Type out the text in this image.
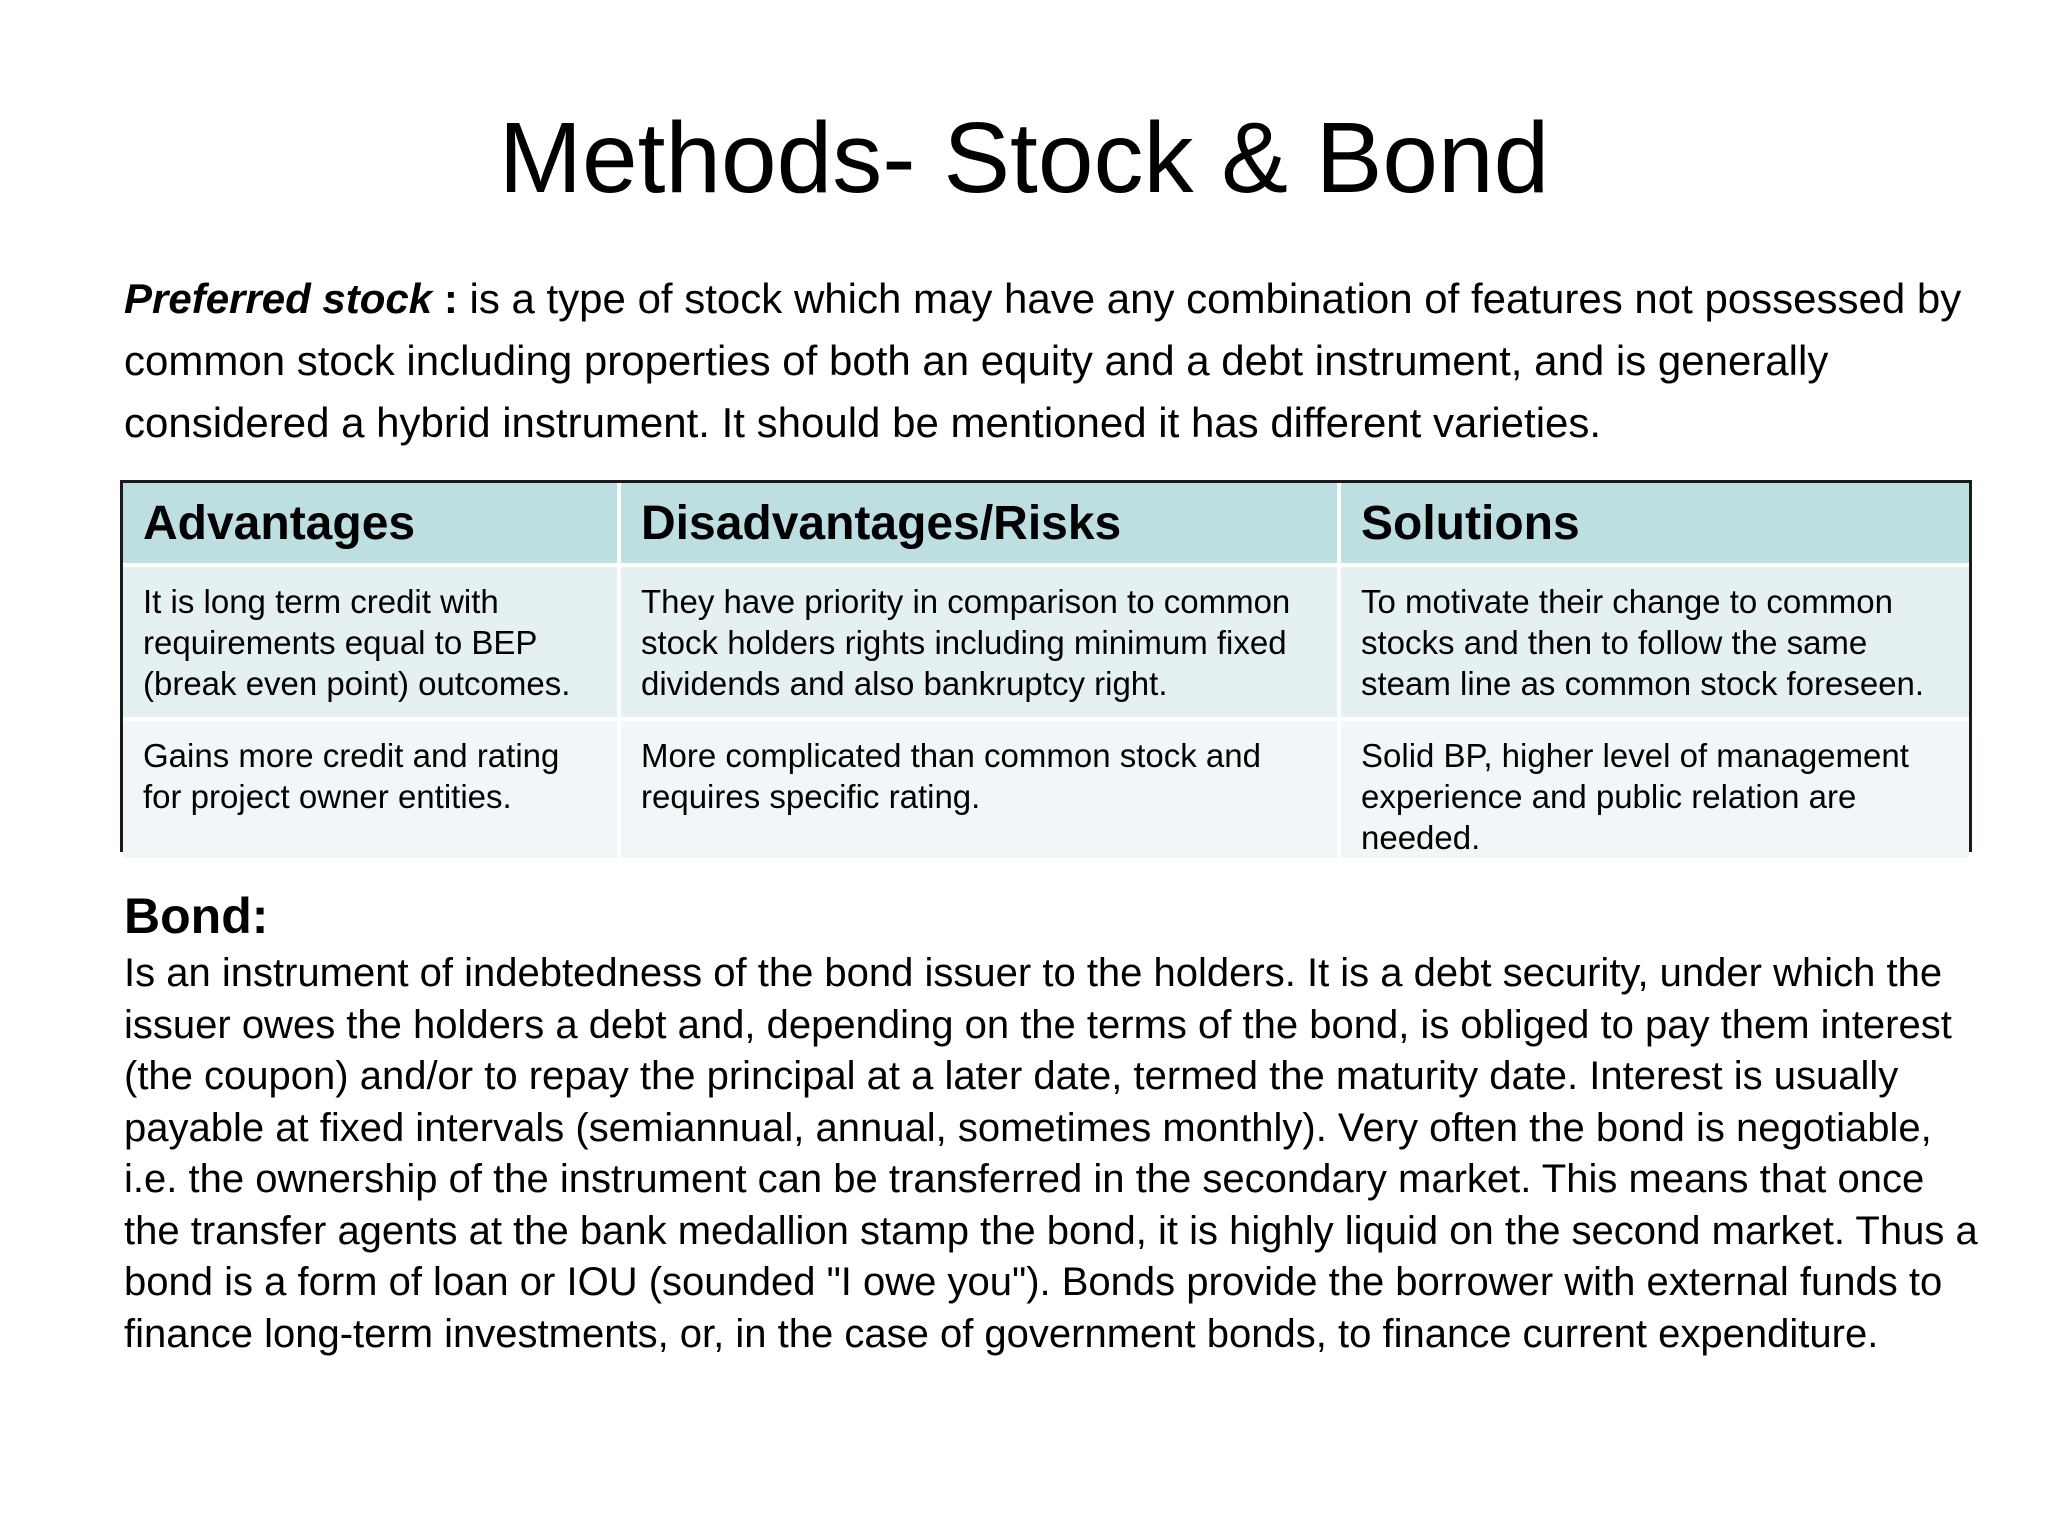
Methods- Stock & Bond

Preferred stock : is a type of stock which may have any combination of features not possessed by common stock including properties of both an equity and a debt instrument, and is generally considered a hybrid instrument. It should be mentioned it has different varieties.

Advantages	Disadvantages/Risks	Solutions
It is long term credit with requirements equal to BEP (break even point) outcomes.	They have priority in comparison to common stock holders rights including minimum fixed dividends and also bankruptcy right.	To motivate their change to common stocks and then to follow the same steam line as common stock foreseen.
Gains more credit and rating for project owner entities.	More complicated than common stock and requires specific rating.	Solid BP, higher level of management experience and public relation are needed.
Bond:

Is an instrument of indebtedness of the bond issuer to the holders. It is a debt security, under which the issuer owes the holders a debt and, depending on the terms of the bond, is obliged to pay them interest (the coupon) and/or to repay the principal at a later date, termed the maturity date. Interest is usually payable at fixed intervals (semiannual, annual, sometimes monthly). Very often the bond is negotiable, i.e. the ownership of the instrument can be transferred in the secondary market. This means that once the transfer agents at the bank medallion stamp the bond, it is highly liquid on the second market. Thus a bond is a form of loan or IOU (sounded "I owe you"). Bonds provide the borrower with external funds to finance long-term investments, or, in the case of government bonds, to finance current expenditure.
